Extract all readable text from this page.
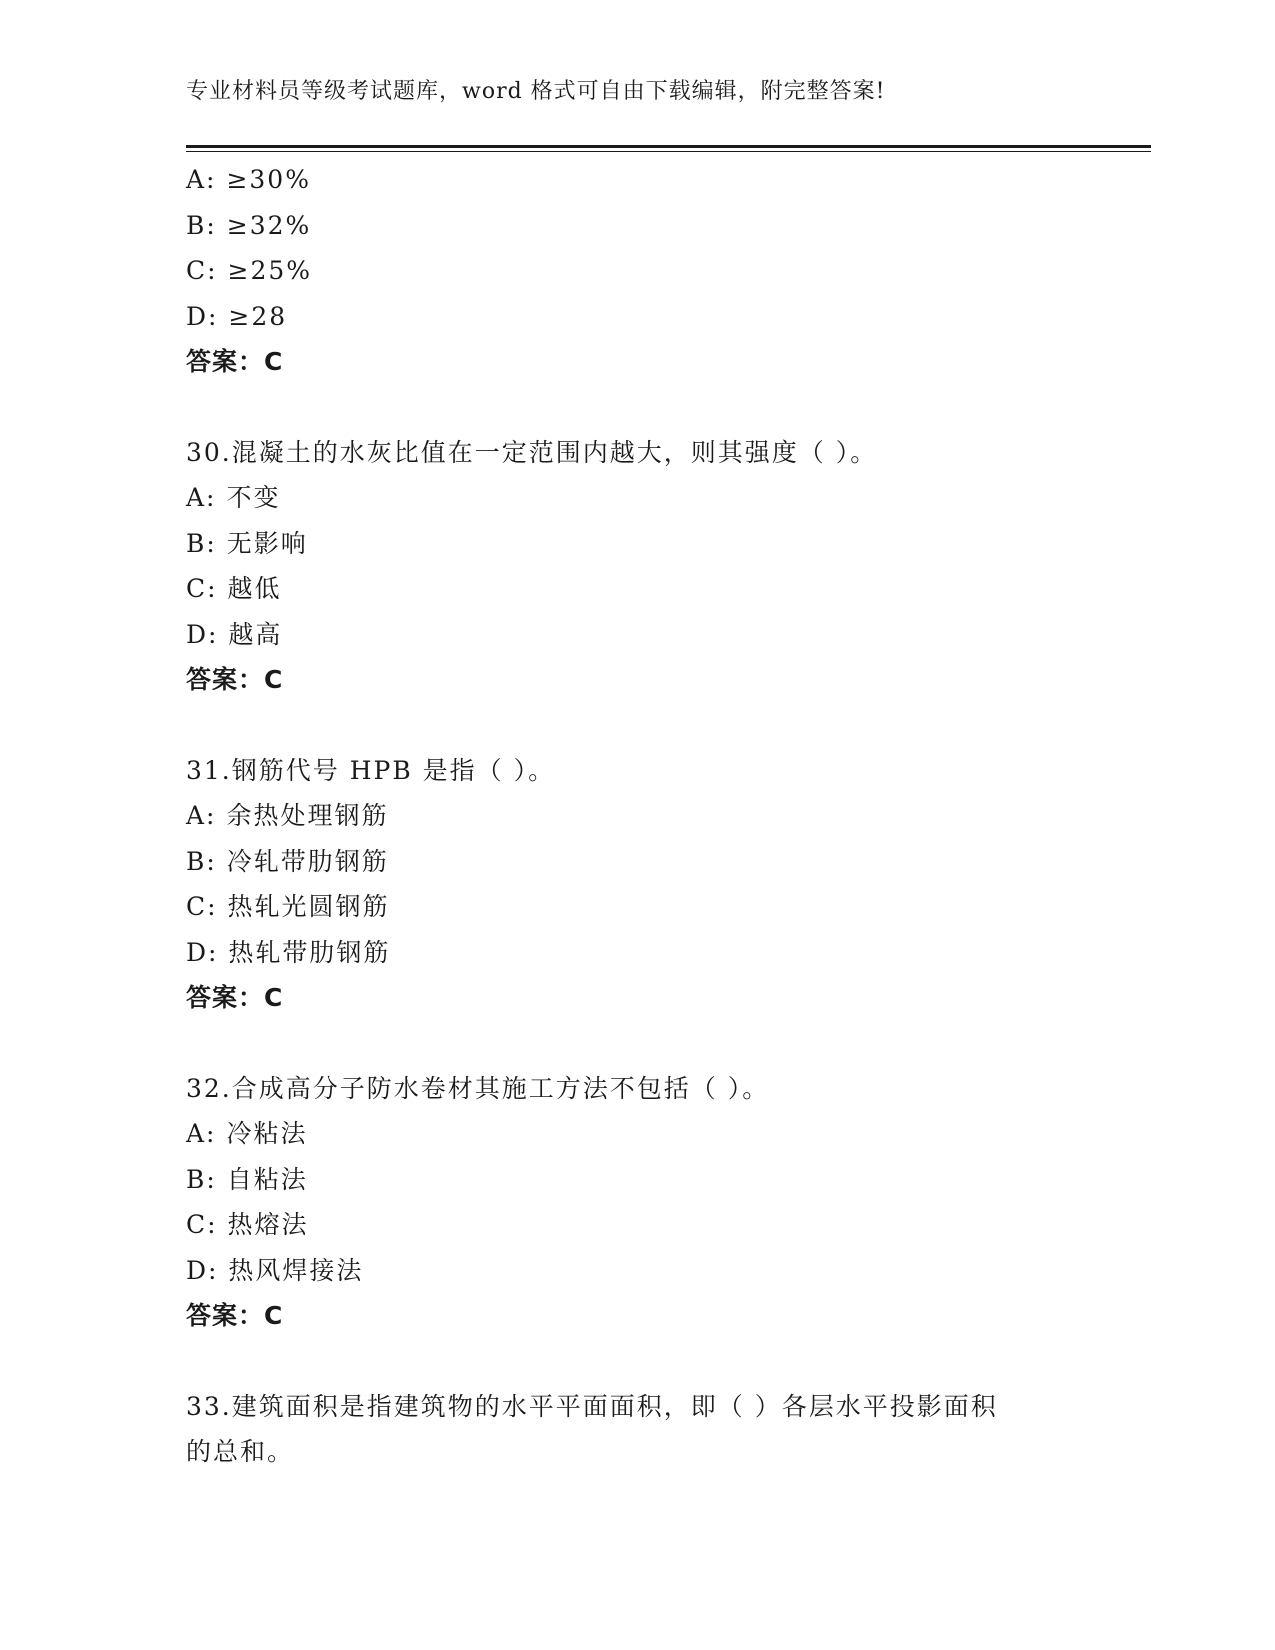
专业材料员等级考试题库，word 格式可自由下载编辑，附完整答案!
A: ≥30%
B: ≥32%
C: ≥25%
D: ≥28
答案：C
30.混凝土的水灰比值在一定范围内越大，则其强度（ ）。
A: 不变
B: 无影响
C: 越低
D: 越高
答案：C
31.钢筋代号 HPB 是指（ ）。
A: 余热处理钢筋
B: 冷轧带肋钢筋
C: 热轧光圆钢筋
D: 热轧带肋钢筋
答案：C
32.合成高分子防水卷材其施工方法不包括（ ）。
A: 冷粘法
B: 自粘法
C: 热熔法
D: 热风焊接法
答案：C
33.建筑面积是指建筑物的水平平面面积，即（ ）各层水平投影面积
的总和。
